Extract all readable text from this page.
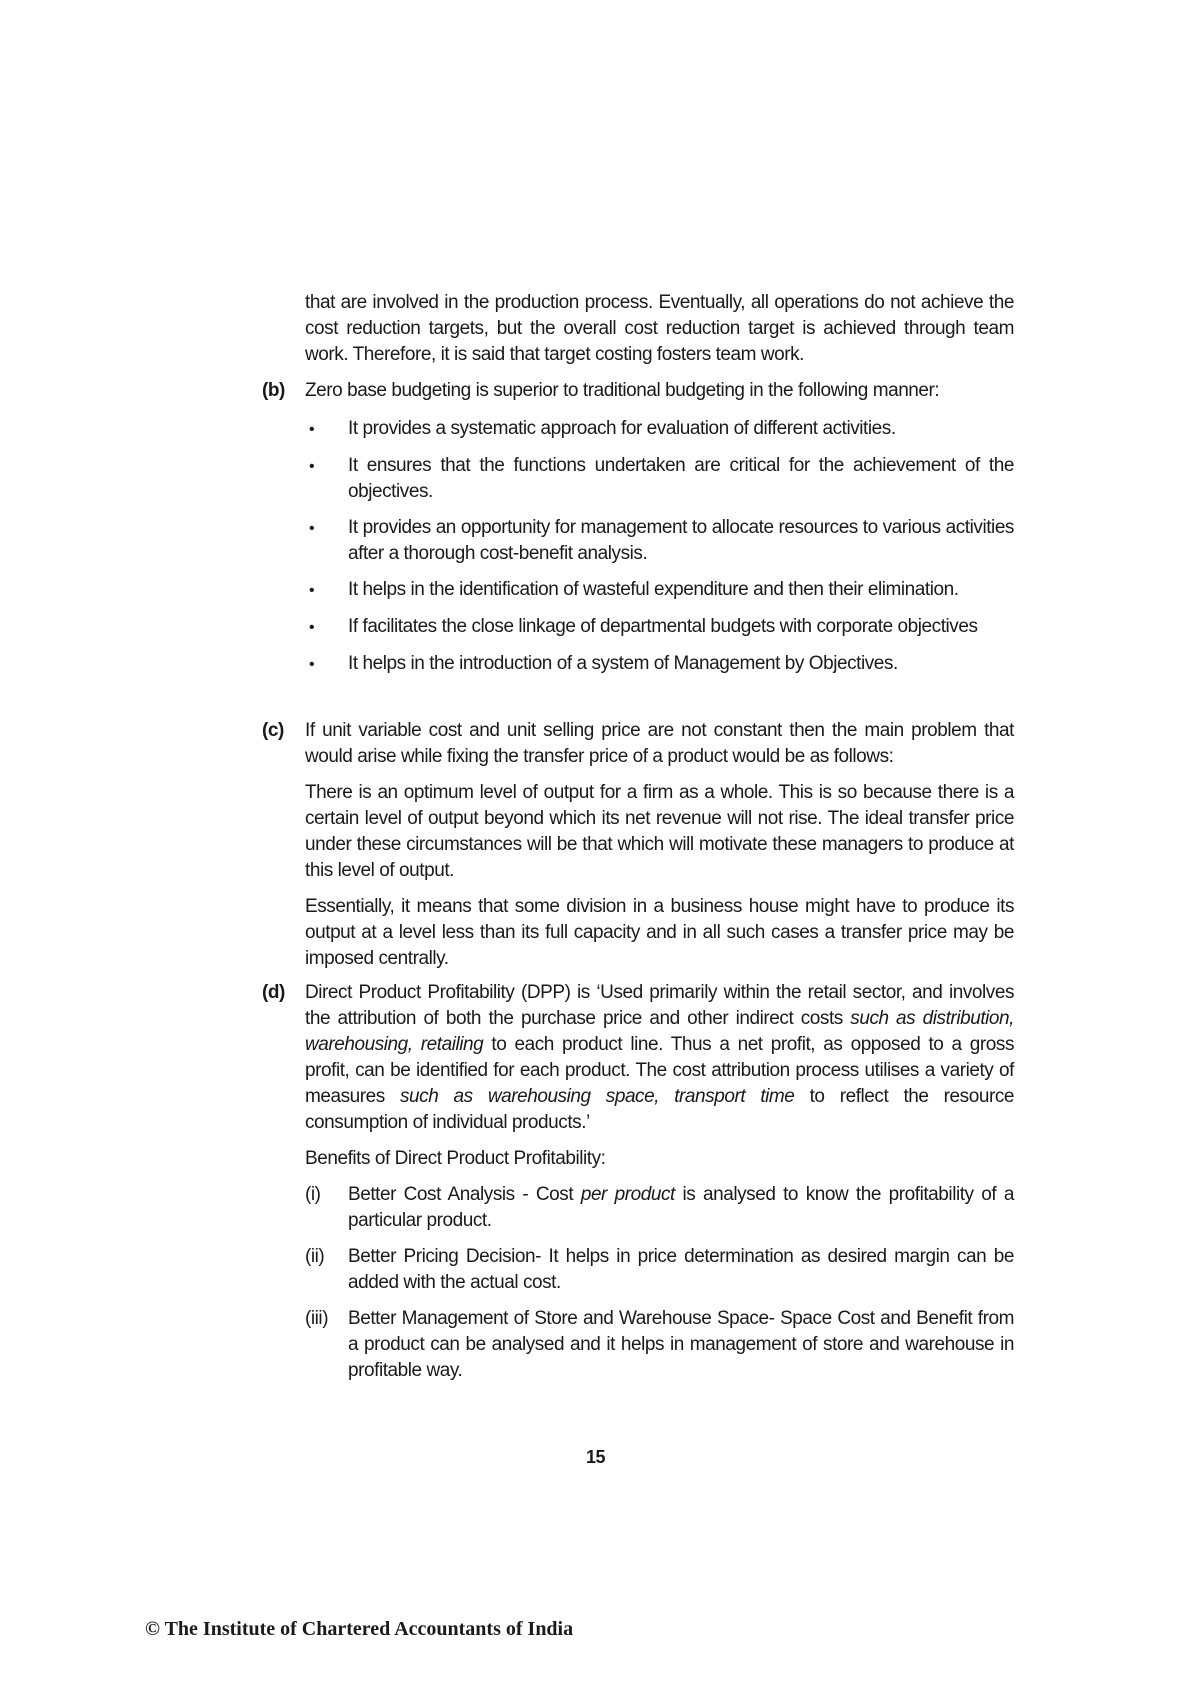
that are involved in the production process. Eventually, all operations do not achieve the cost reduction targets, but the overall cost reduction target is achieved through team work. Therefore, it is said that target costing fosters team work.

(b)	Zero base budgeting is superior to traditional budgeting in the following manner:

•
It provides a systematic approach for evaluation of different activities.
•
It ensures that the functions undertaken are critical for the achievement of the objectives.
•
It provides an opportunity for management to allocate resources to various activities after a thorough cost-benefit analysis.
•
It helps in the identification of wasteful expenditure and then their elimination.
•
If facilitates the close linkage of departmental budgets with corporate objectives
•
It helps in the introduction of a system of Management by Objectives.
(c)	If unit variable cost and unit selling price are not constant then the main problem that would arise while fixing the transfer price of a product would be as follows:

There is an optimum level of output for a firm as a whole. This is so because there is a certain level of output beyond which its net revenue will not rise. The ideal transfer price under these circumstances will be that which will motivate these managers to produce at this level of output.

Essentially, it means that some division in a business house might have to produce its output at a level less than its full capacity and in all such cases a transfer price may be imposed centrally.

(d)	Direct Product Profitability (DPP) is ‘Used primarily within the retail sector, and involves the attribution of both the purchase price and other indirect costs such as distribution, warehousing, retailing to each product line. Thus a net profit, as opposed to a gross profit, can be identified for each product. The cost attribution process utilises a variety of measures such as warehousing space, transport time to reflect the resource consumption of individual products.’

Benefits of Direct Product Profitability:

(i)	Better Cost Analysis - Cost per product is analysed to know the profitability of a particular product.
(ii)	Better Pricing Decision- It helps in price determination as desired margin can be added with the actual cost.
(iii)	Better Management of Store and Warehouse Space- Space Cost and Benefit from a product can be analysed and it helps in management of store and warehouse in profitable way.
15
© The Institute of Chartered Accountants of India
